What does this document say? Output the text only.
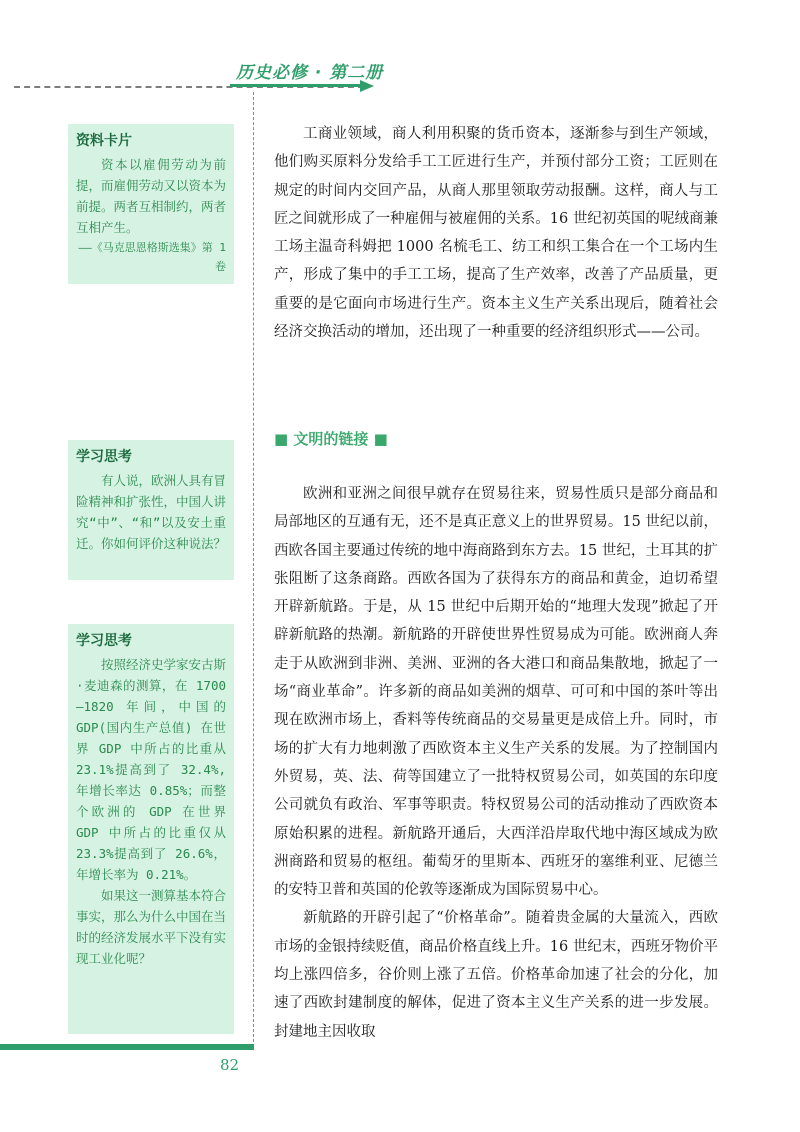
历史必修 · 第二册
资料卡片

资本以雇佣劳动为前提，而雇佣劳动又以资本为前提。两者互相制约，两者互相产生。

——《马克思恩格斯选集》第 1 卷

学习思考

有人说，欧洲人具有冒险精神和扩张性，中国人讲究“中”、“和”以及安土重迁。你如何评价这种说法？

学习思考

按照经济史学家安古斯·麦迪森的测算，在 1700—1820 年间，中国的 GDP(国内生产总值) 在世界 GDP 中所占的比重从 23.1%提高到了 32.4%,年增长率达 0.85%；而整个欧洲的 GDP 在世界 GDP 中所占的比重仅从 23.3%提高到了 26.6%，年增长率为 0.21%。

如果这一测算基本符合事实，那么为什么中国在当时的经济发展水平下没有实现工业化呢？

工商业领域，商人利用积聚的货币资本，逐渐参与到生产领域，他们购买原料分发给手工工匠进行生产，并预付部分工资；工匠则在规定的时间内交回产品，从商人那里领取劳动报酬。这样，商人与工匠之间就形成了一种雇佣与被雇佣的关系。16 世纪初英国的呢绒商兼工场主温奇科姆把 1000 名梳毛工、纺工和织工集合在一个工场内生产，形成了集中的手工工场，提高了生产效率，改善了产品质量，更重要的是它面向市场进行生产。资本主义生产关系出现后，随着社会经济交换活动的增加，还出现了一种重要的经济组织形式——公司。

■ 文明的链接 ■

欧洲和亚洲之间很早就存在贸易往来，贸易性质只是部分商品和局部地区的互通有无，还不是真正意义上的世界贸易。15 世纪以前，西欧各国主要通过传统的地中海商路到东方去。15 世纪，土耳其的扩张阻断了这条商路。西欧各国为了获得东方的商品和黄金，迫切希望开辟新航路。于是，从 15 世纪中后期开始的“地理大发现”掀起了开辟新航路的热潮。新航路的开辟使世界性贸易成为可能。欧洲商人奔走于从欧洲到非洲、美洲、亚洲的各大港口和商品集散地，掀起了一场“商业革命”。许多新的商品如美洲的烟草、可可和中国的茶叶等出现在欧洲市场上，香料等传统商品的交易量更是成倍上升。同时，市场的扩大有力地刺激了西欧资本主义生产关系的发展。为了控制国内外贸易，英、法、荷等国建立了一批特权贸易公司，如英国的东印度公司就负有政治、军事等职责。特权贸易公司的活动推动了西欧资本原始积累的进程。新航路开通后，大西洋沿岸取代地中海区域成为欧洲商路和贸易的枢纽。葡萄牙的里斯本、西班牙的塞维利亚、尼德兰的安特卫普和英国的伦敦等逐渐成为国际贸易中心。

新航路的开辟引起了“价格革命”。随着贵金属的大量流入，西欧市场的金银持续贬值，商品价格直线上升。16 世纪末，西班牙物价平均上涨四倍多，谷价则上涨了五倍。价格革命加速了社会的分化，加速了西欧封建制度的解体，促进了资本主义生产关系的进一步发展。封建地主因收取

82
